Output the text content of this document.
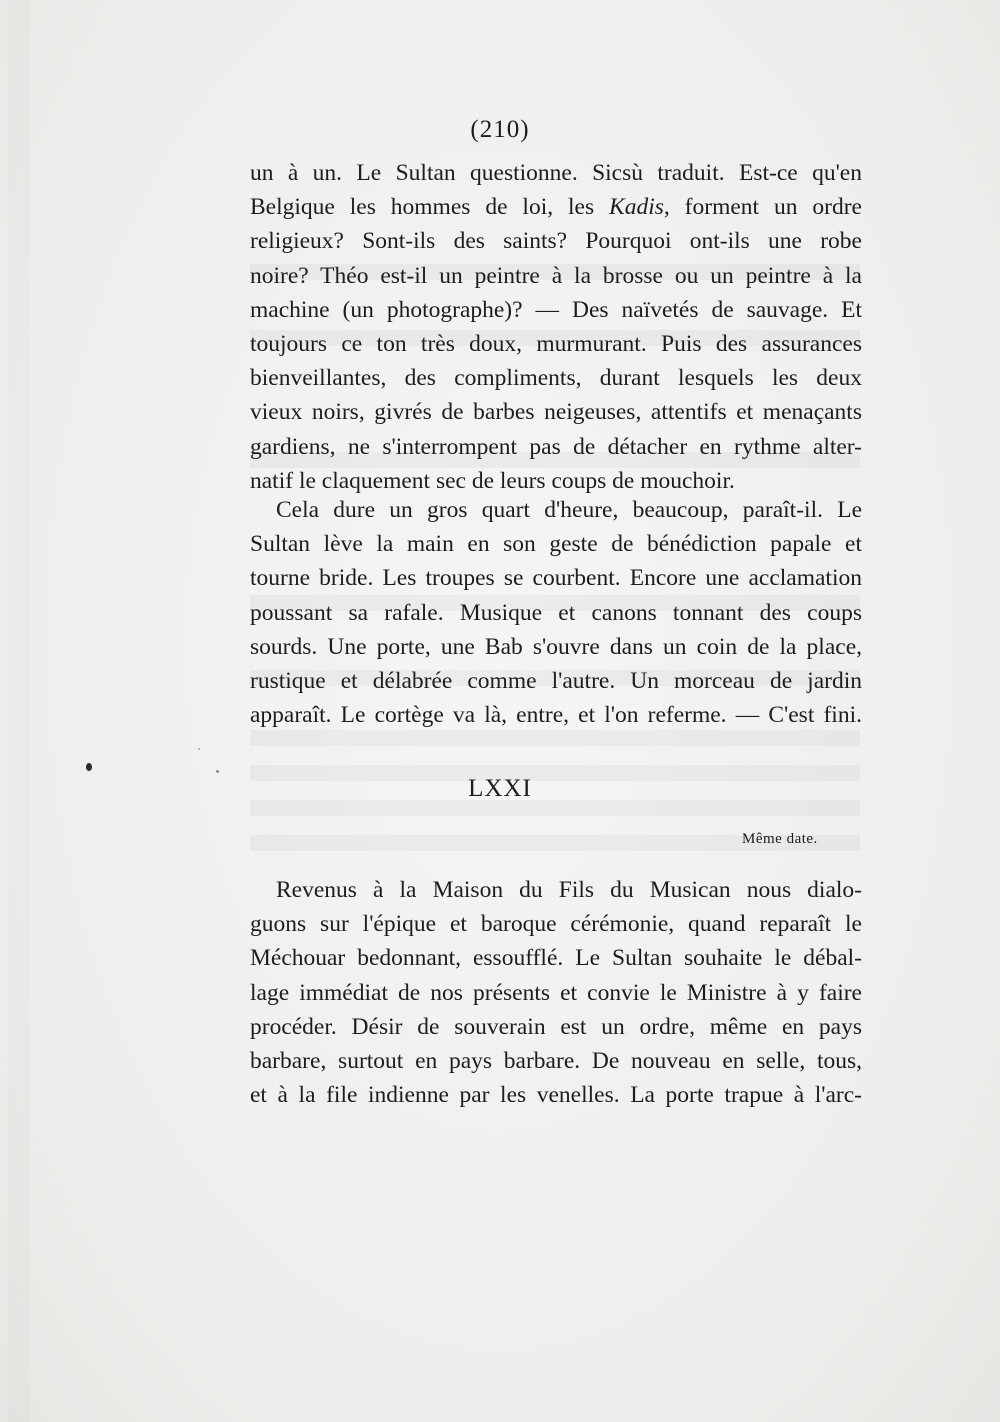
(210)
un à un. Le Sultan questionne. Sicsù traduit. Est-ce qu'en
Belgique les hommes de loi, les Kadis, forment un ordre
religieux? Sont-ils des saints? Pourquoi ont-ils une robe
noire? Théo est-il un peintre à la brosse ou un peintre à la
machine (un photographe)? — Des naïvetés de sauvage. Et
toujours ce ton très doux, murmurant. Puis des assurances
bienveillantes, des compliments, durant lesquels les deux
vieux noirs, givrés de barbes neigeuses, attentifs et menaçants
gardiens, ne s'interrompent pas de détacher en rythme alter-
natif le claquement sec de leurs coups de mouchoir.
Cela dure un gros quart d'heure, beaucoup, paraît-il. Le
Sultan lève la main en son geste de bénédiction papale et
tourne bride. Les troupes se courbent. Encore une acclamation
poussant sa rafale. Musique et canons tonnant des coups
sourds. Une porte, une Bab s'ouvre dans un coin de la place,
rustique et délabrée comme l'autre. Un morceau de jardin
apparaît. Le cortège va là, entre, et l'on referme. — C'est fini.
LXXI
Même date.
Revenus à la Maison du Fils du Musican nous dialo-
guons sur l'épique et baroque cérémonie, quand reparaît le
Méchouar bedonnant, essoufflé. Le Sultan souhaite le débal-
lage immédiat de nos présents et convie le Ministre à y faire
procéder. Désir de souverain est un ordre, même en pays
barbare, surtout en pays barbare. De nouveau en selle, tous,
et à la file indienne par les venelles. La porte trapue à l'arc-
